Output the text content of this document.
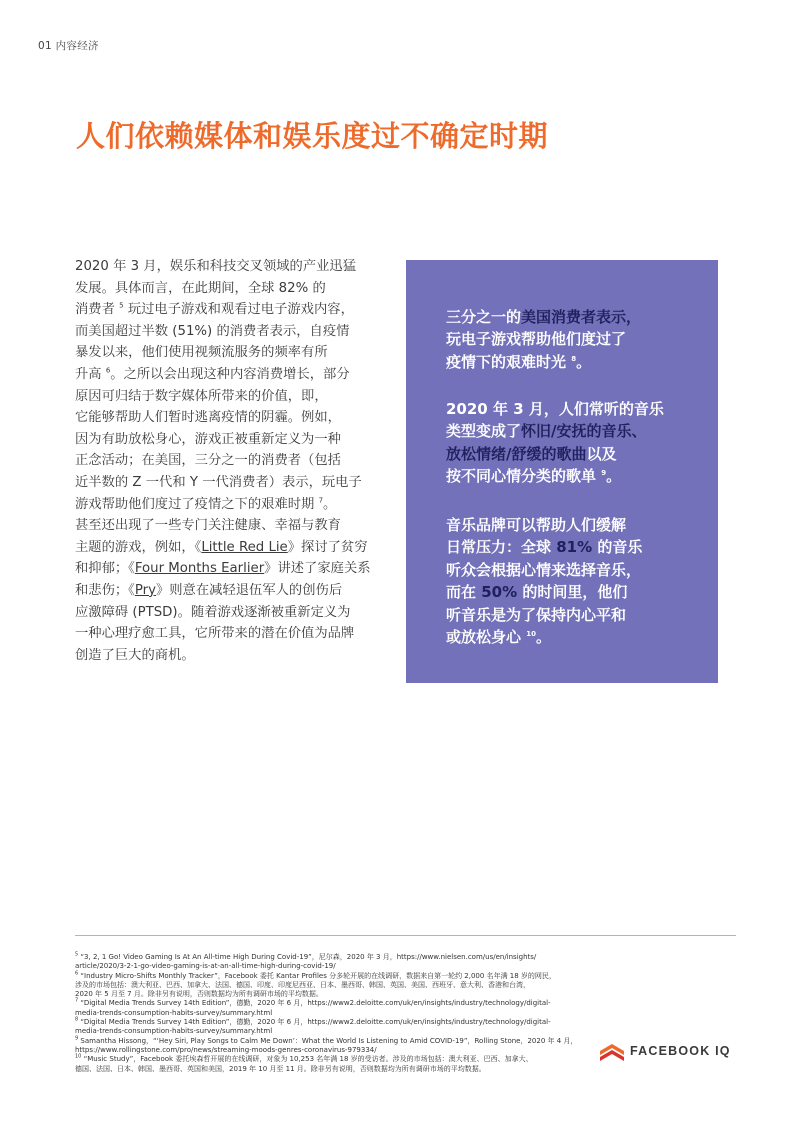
01 内容经济
人们依赖媒体和娱乐度过不确定时期
2020 年 3 月，娱乐和科技交叉领域的产业迅猛
发展。具体而言，在此期间，全球 82% 的
消费者 $^5$ 玩过电子游戏和观看过电子游戏内容，
而美国超过半数 (51%) 的消费者表示，自疫情
暴发以来，他们使用视频流服务的频率有所
升高 $^6$。之所以会出现这种内容消费增长，部分
原因可归结于数字媒体所带来的价值，即，
它能够帮助人们暂时逃离疫情的阴霾。例如，
因为有助放松身心，游戏正被重新定义为一种
正念活动；在美国，三分之一的消费者（包括
近半数的 Z 一代和 Y 一代消费者）表示，玩电子
游戏帮助他们度过了疫情之下的艰难时期 $^7$。
甚至还出现了一些专门关注健康、幸福与教育
主题的游戏，例如，《Little Red Lie》探讨了贫穷
和抑郁；《Four Months Earlier》讲述了家庭关系
和悲伤；《Pry》则意在减轻退伍军人的创伤后
应激障碍 (PTSD)。随着游戏逐渐被重新定义为
一种心理疗愈工具，它所带来的潜在价值为品牌
创造了巨大的商机。
三分之一的美国消费者表示，
玩电子游戏帮助他们度过了
疫情下的艰难时光 $^8$。
2020 年 3 月，人们常听的音乐
类型变成了怀旧/安抚的音乐、
放松情绪/舒缓的歌曲以及
按不同心情分类的歌单 $^9$。
音乐品牌可以帮助人们缓解
日常压力：全球 81% 的音乐
听众会根据心情来选择音乐，
而在 50% 的时间里，他们
听音乐是为了保持内心平和
或放松身心 $^{10}$。
$^5$ “3, 2, 1 Go! Video Gaming Is At An All-time High During Covid-19”，尼尔森，2020 年 3 月，https://www.nielsen.com/us/en/insights/
article/2020/3-2-1-go-video-gaming-is-at-an-all-time-high-during-covid-19/
$^6$ “Industry Micro-Shifts Monthly Tracker”，Facebook 委托 Kantar Profiles 分多轮开展的在线调研，数据来自第一轮约 2,000 名年满 18 岁的网民，
涉及的市场包括：澳大利亚、巴西、加拿大、法国、德国、印度、印度尼西亚、日本、墨西哥、韩国、英国、美国、西班牙、意大利、香港和台湾，
2020 年 5 月至 7 月。除非另有说明，否则数据均为所有调研市场的平均数据。
$^7$ “Digital Media Trends Survey 14th Edition”，德勤，2020 年 6 月，https://www2.deloitte.com/uk/en/insights/industry/technology/digital-
media-trends-consumption-habits-survey/summary.html
$^8$ “Digital Media Trends Survey 14th Edition”，德勤，2020 年 6 月，https://www2.deloitte.com/uk/en/insights/industry/technology/digital-
media-trends-consumption-habits-survey/summary.html
$^9$ Samantha Hissong，“‘Hey Siri, Play Songs to Calm Me Down’：What the World Is Listening to Amid COVID-19”，Rolling Stone，2020 年 4 月，
https://www.rollingstone.com/pro/news/streaming-moods-genres-coronavirus-979334/
$^{10}$ “Music Study”，Facebook 委托埃森哲开展的在线调研，对象为 10,253 名年满 18 岁的受访者。涉及的市场包括：澳大利亚、巴西、加拿大、
德国、法国、日本、韩国、墨西哥、英国和美国，2019 年 10 月至 11 月。除非另有说明，否则数据均为所有调研市场的平均数据。
FACEBOOK IQ
